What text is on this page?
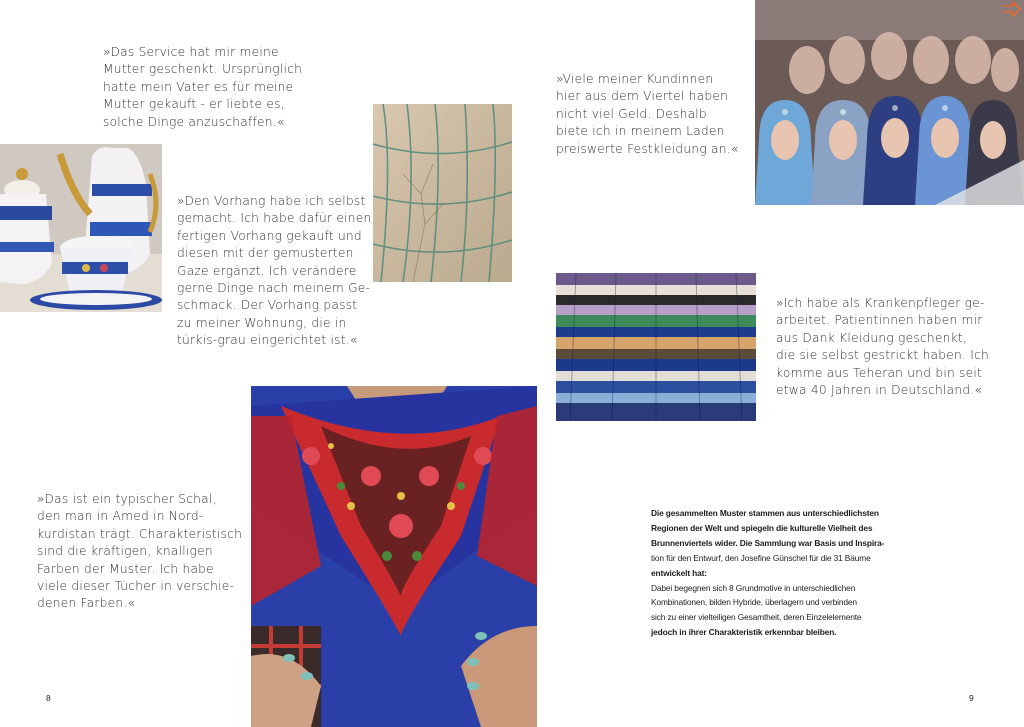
»Das Service hat mir meine
Mutter geschenkt. Ursprünglich
hatte mein Vater es für meine
Mutter gekauft - er liebte es,
solche Dinge anzuschaffen.«
»Den Vorhang habe ich selbst
gemacht. Ich habe dafür einen
fertigen Vorhang gekauft und
diesen mit der gemusterten
Gaze ergänzt. Ich verändere
gerne Dinge nach meinem Ge-
schmack. Der Vorhang passt
zu meiner Wohnung, die in
türkis-grau eingerichtet ist.«
»Das ist ein typischer Schal,
den man in Amed in Nord-
kurdistan trägt. Charakteristisch
sind die kräftigen, knalligen
Farben der Muster. Ich habe
viele dieser Tücher in verschie-
denen Farben.«
8
»Viele meiner Kundinnen
hier aus dem Viertel haben
nicht viel Geld. Deshalb
biete ich in meinem Laden
preiswerte Festkleidung an.«
»Ich habe als Krankenpfleger ge-
arbeitet. Patientinnen haben mir
aus Dank Kleidung geschenkt,
die sie selbst gestrickt haben. Ich
komme aus Teheran und bin seit
etwa 40 Jahren in Deutschland.«
Die gesammelten Muster stammen aus unterschiedlichsten
Regionen der Welt und spiegeln die kulturelle Vielheit des
Brunnenviertels wider. Die Sammlung war Basis und Inspira-
tion für den Entwurf, den Josefine Günschel für die 31 Bäume
entwickelt hat:
Dabei begegnen sich 8 Grundmotive in unterschiedlichen
Kombinationen, bilden Hybride, überlagern und verbinden
sich zu einer vielteiligen Gesamtheit, deren Einzelelemente
jedoch in ihrer Charakteristik erkennbar bleiben.
9
